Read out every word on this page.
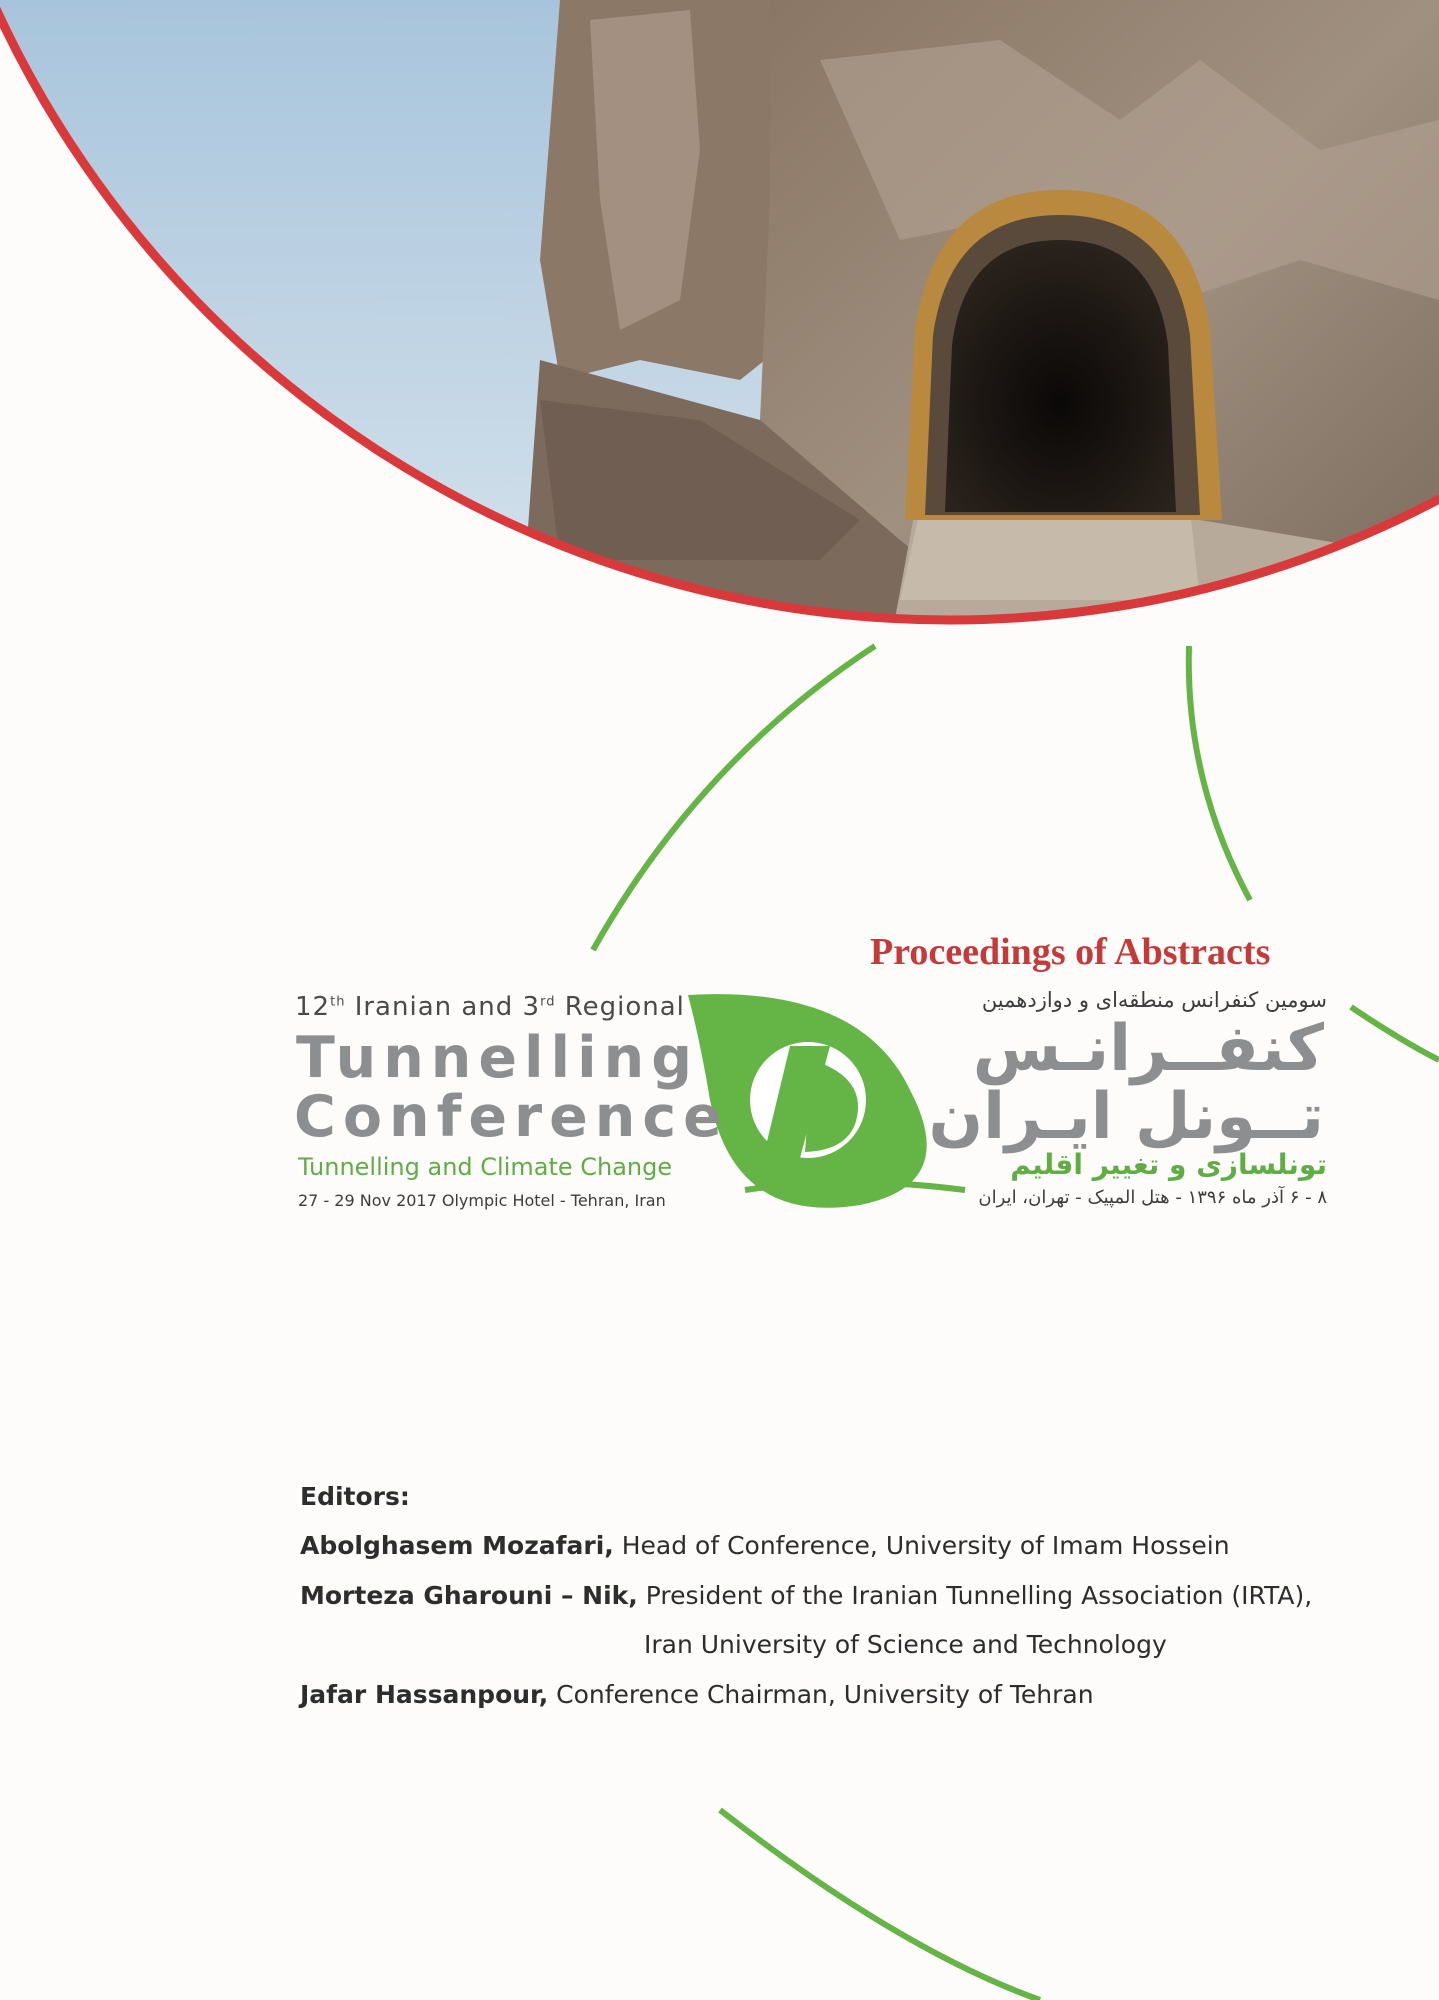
Proceedings of Abstracts
12th Iranian and 3rd Regional
Tunnelling
Conference
Tunnelling and Climate Change
27 - 29 Nov 2017 Olympic Hotel - Tehran, Iran
سومین کنفرانس منطقه‌ای و دوازدهمین
کنفــرانـس
تــونل ایـران
تونلسازی و تغییر اقلیم
۸ - ۶ آذر ماه ۱۳۹۶ - هتل المپیک - تهران، ایران
Editors:
Abolghasem Mozafari, Head of Conference, University of Imam Hossein
Morteza Gharouni – Nik, President of the Iranian Tunnelling Association (IRTA),
Iran University of Science and Technology
Jafar Hassanpour, Conference Chairman, University of Tehran
